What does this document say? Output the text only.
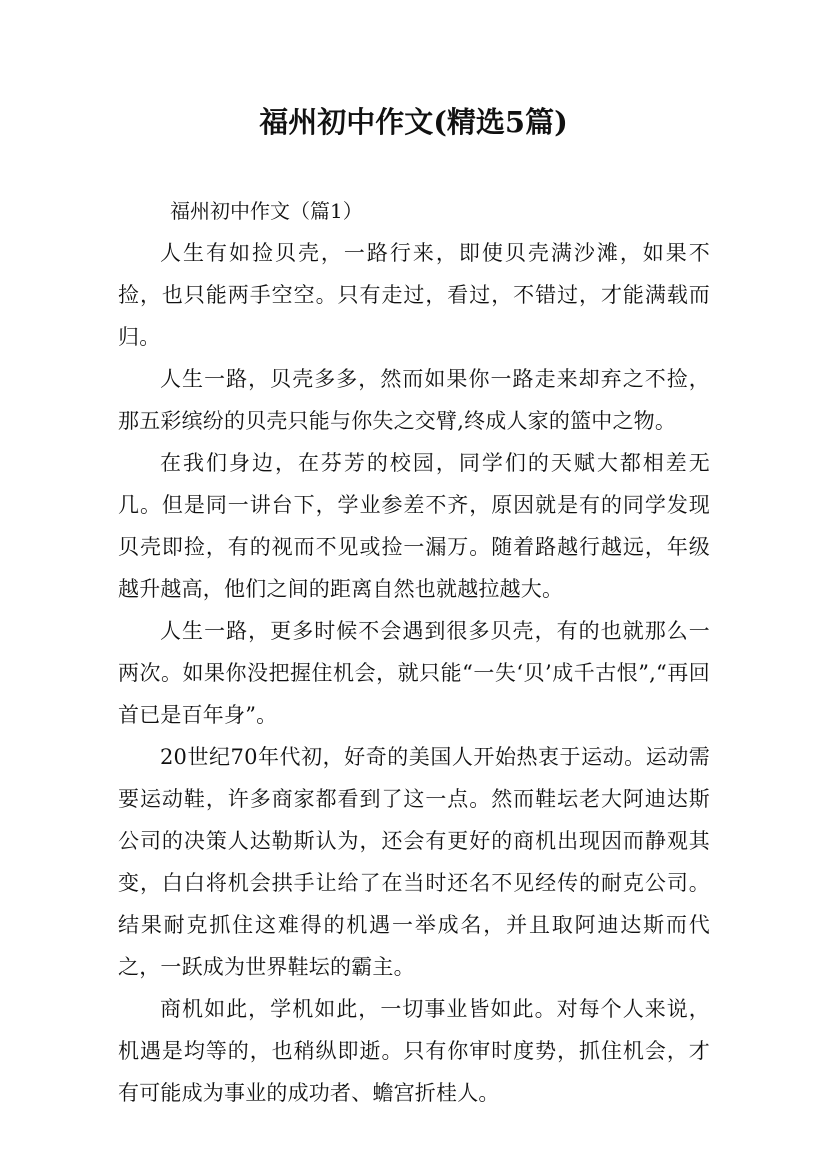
福州初中作文(精选5篇)
福州初中作文（篇1）

人生有如捡贝壳，一路行来，即使贝壳满沙滩，如果不捡，也只能两手空空。只有走过，看过，不错过，才能满载而归。

人生一路，贝壳多多，然而如果你一路走来却弃之不捡，那五彩缤纷的贝壳只能与你失之交臂,终成人家的篮中之物。

在我们身边，在芬芳的校园，同学们的天赋大都相差无几。但是同一讲台下，学业参差不齐，原因就是有的同学发现贝壳即捡，有的视而不见或捡一漏万。随着路越行越远，年级越升越高，他们之间的距离自然也就越拉越大。

人生一路，更多时候不会遇到很多贝壳，有的也就那么一两次。如果你没把握住机会，就只能“一失‘贝’成千古恨”,“再回首已是百年身”。

20世纪70年代初，好奇的美国人开始热衷于运动。运动需要运动鞋，许多商家都看到了这一点。然而鞋坛老大阿迪达斯公司的决策人达勒斯认为，还会有更好的商机出现因而静观其变，白白将机会拱手让给了在当时还名不见经传的耐克公司。结果耐克抓住这难得的机遇一举成名，并且取阿迪达斯而代之，一跃成为世界鞋坛的霸主。

商机如此，学机如此，一切事业皆如此。对每个人来说，机遇是均等的，也稍纵即逝。只有你审时度势，抓住机会，才有可能成为事业的成功者、蟾宫折桂人。
